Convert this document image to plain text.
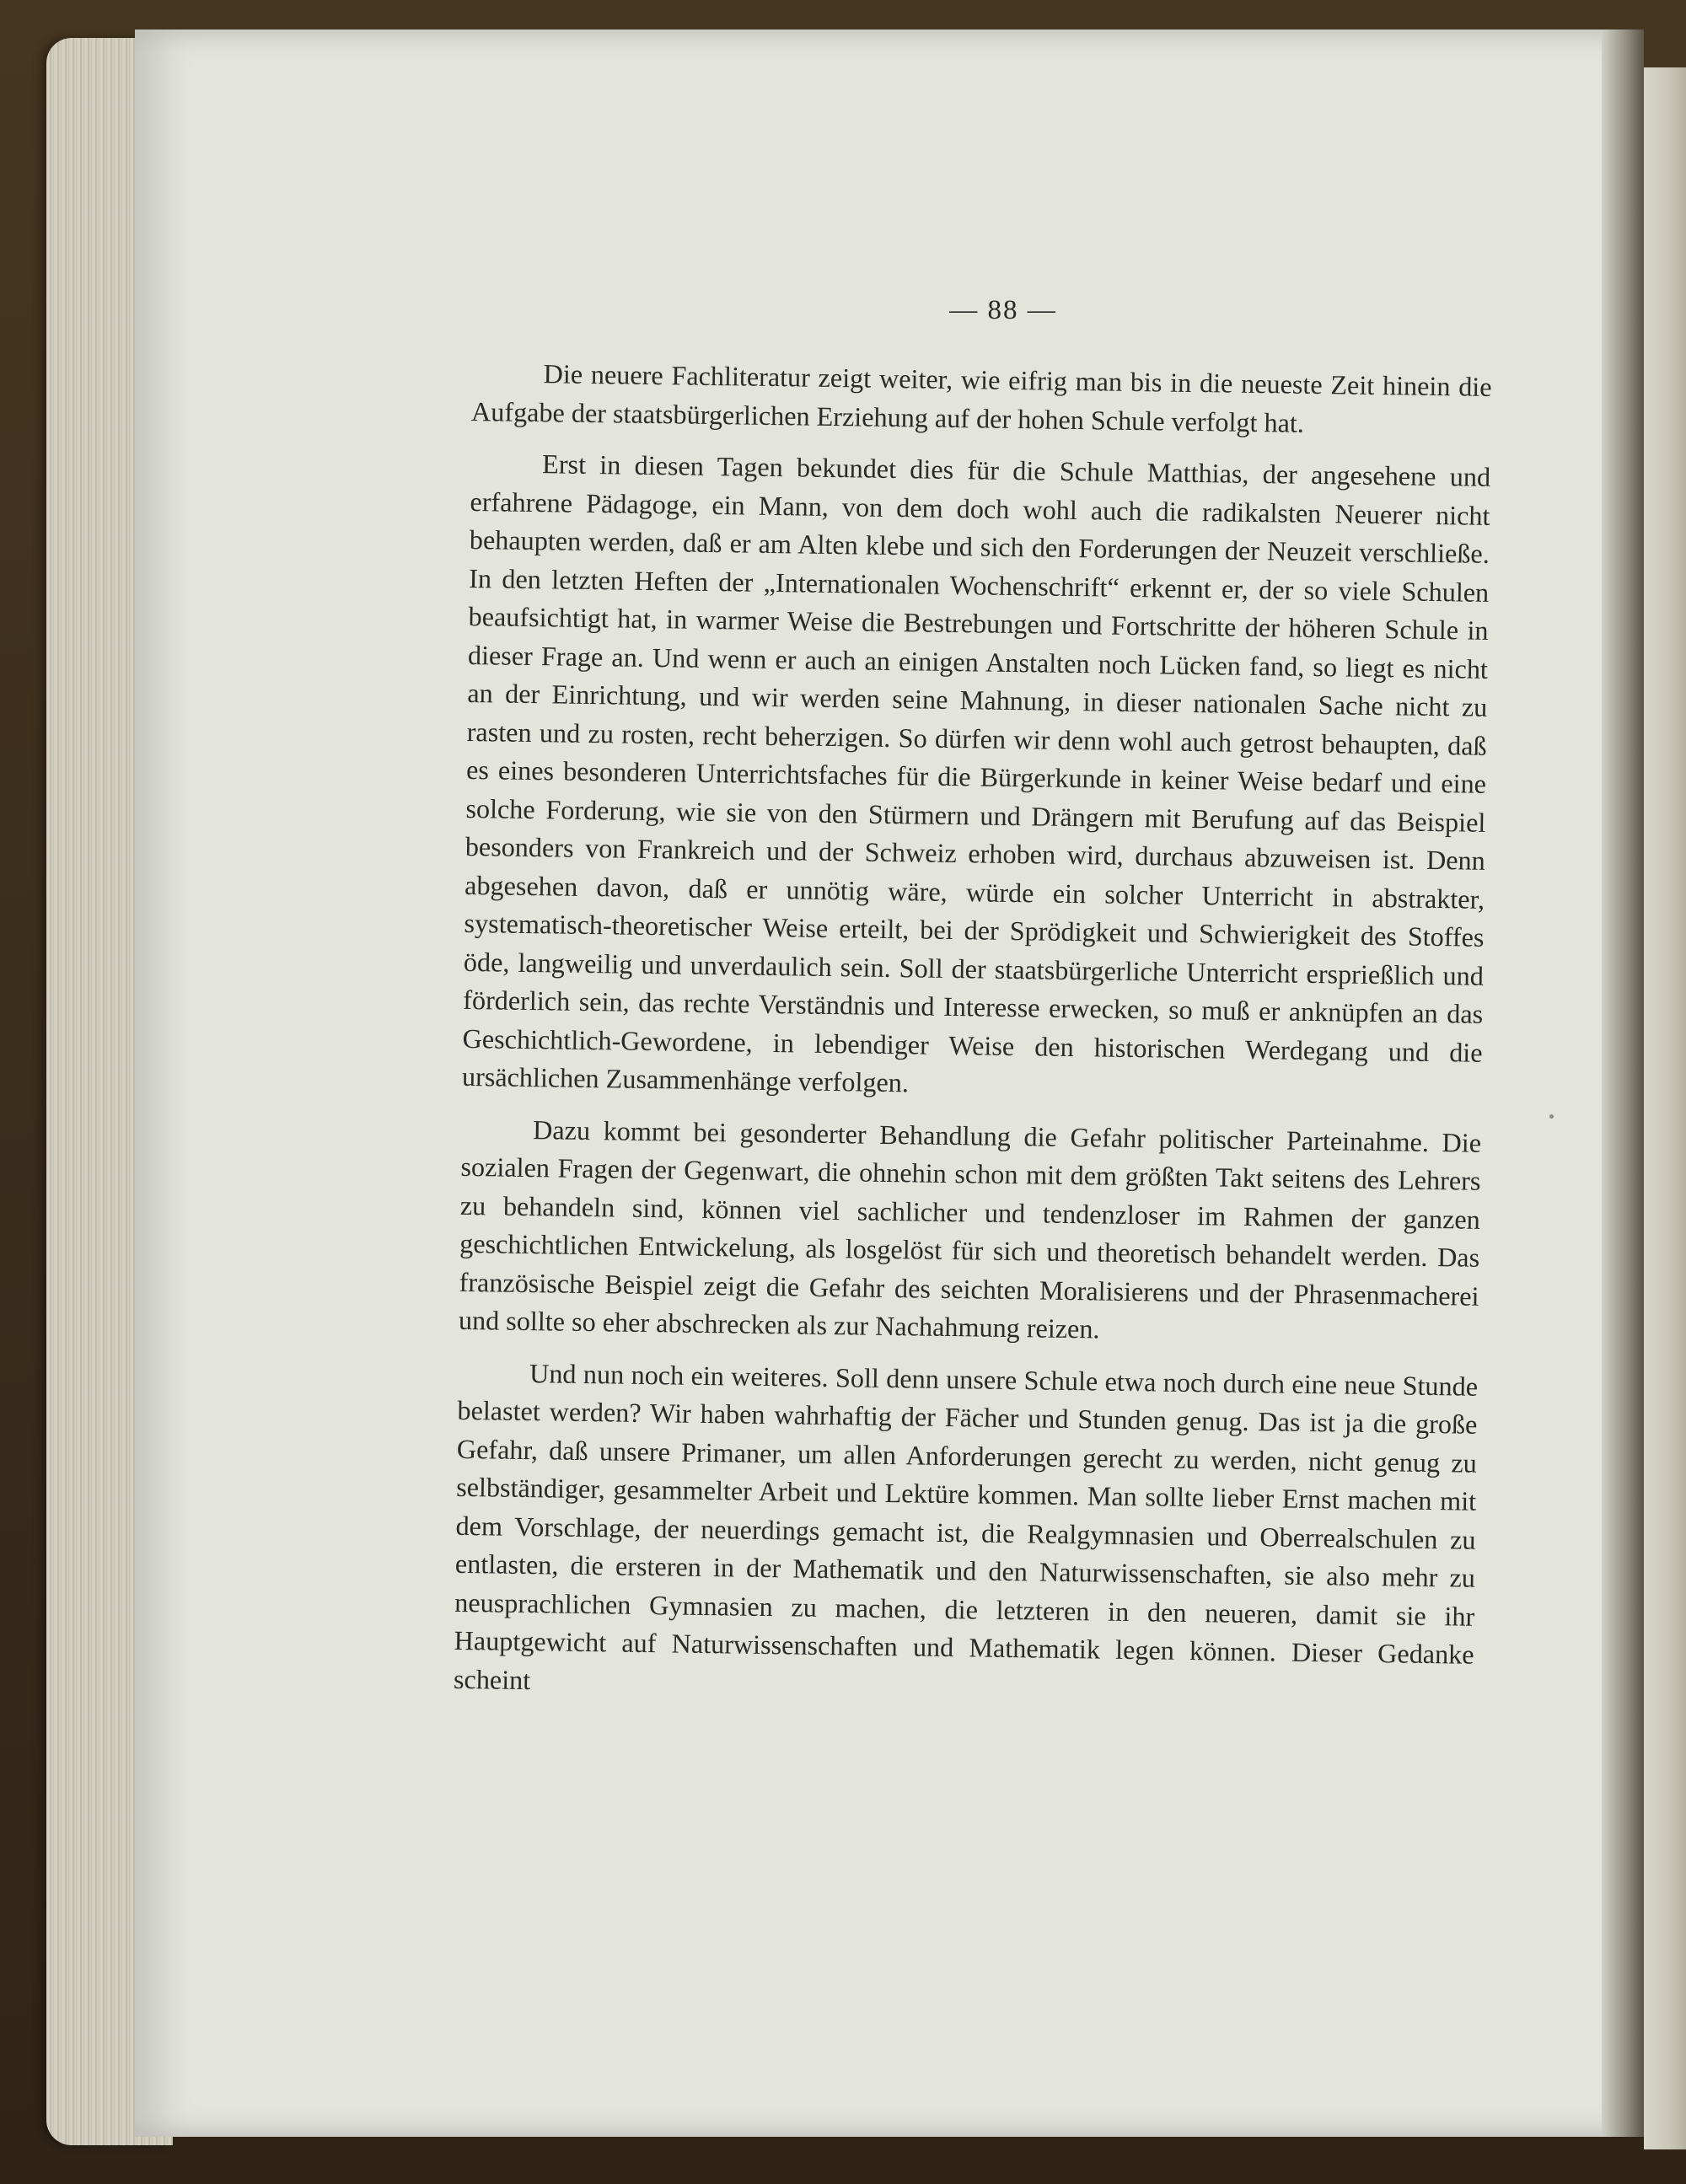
— 88 —

Die neuere Fachliteratur zeigt weiter, wie eifrig man bis in die neueste Zeit hinein die Aufgabe der staatsbürgerlichen Erziehung auf der hohen Schule verfolgt hat.

Erst in diesen Tagen bekundet dies für die Schule Matthias, der angesehene und erfahrene Pädagoge, ein Mann, von dem doch wohl auch die radikalsten Neuerer nicht behaupten werden, daß er am Alten klebe und sich den Forderungen der Neuzeit verschließe. In den letzten Heften der „Internationalen Wochenschrift“ erkennt er, der so viele Schulen beaufsichtigt hat, in warmer Weise die Bestrebungen und Fortschritte der höheren Schule in dieser Frage an. Und wenn er auch an einigen Anstalten noch Lücken fand, so liegt es nicht an der Einrichtung, und wir werden seine Mahnung, in dieser nationalen Sache nicht zu rasten und zu rosten, recht beherzigen. So dürfen wir denn wohl auch getrost behaupten, daß es eines besonderen Unterrichtsfaches für die Bürgerkunde in keiner Weise bedarf und eine solche Forderung, wie sie von den Stürmern und Drängern mit Berufung auf das Beispiel besonders von Frankreich und der Schweiz erhoben wird, durchaus abzuweisen ist. Denn abgesehen davon, daß er unnötig wäre, würde ein solcher Unterricht in abstrakter, systematisch-theoretischer Weise erteilt, bei der Sprödigkeit und Schwierigkeit des Stoffes öde, langweilig und unverdaulich sein. Soll der staatsbürgerliche Unterricht ersprießlich und förderlich sein, das rechte Verständnis und Interesse erwecken, so muß er anknüpfen an das Geschichtlich-Gewordene, in lebendiger Weise den historischen Werdegang und die ursächlichen Zusammenhänge verfolgen.

Dazu kommt bei gesonderter Behandlung die Gefahr politischer Parteinahme. Die sozialen Fragen der Gegenwart, die ohnehin schon mit dem größten Takt seitens des Lehrers zu behandeln sind, können viel sachlicher und tendenzloser im Rahmen der ganzen geschichtlichen Entwickelung, als losgelöst für sich und theoretisch behandelt werden. Das französische Beispiel zeigt die Gefahr des seichten Moralisierens und der Phrasenmacherei und sollte so eher abschrecken als zur Nachahmung reizen.

Und nun noch ein weiteres. Soll denn unsere Schule etwa noch durch eine neue Stunde belastet werden? Wir haben wahrhaftig der Fächer und Stunden genug. Das ist ja die große Gefahr, daß unsere Primaner, um allen Anforderungen gerecht zu werden, nicht genug zu selbständiger, gesammelter Arbeit und Lektüre kommen. Man sollte lieber Ernst machen mit dem Vorschlage, der neuerdings gemacht ist, die Realgymnasien und Oberrealschulen zu entlasten, die ersteren in der Mathematik und den Naturwissenschaften, sie also mehr zu neusprachlichen Gymnasien zu machen, die letzteren in den neueren, damit sie ihr Hauptgewicht auf Naturwissenschaften und Mathematik legen können. Dieser Gedanke scheint
